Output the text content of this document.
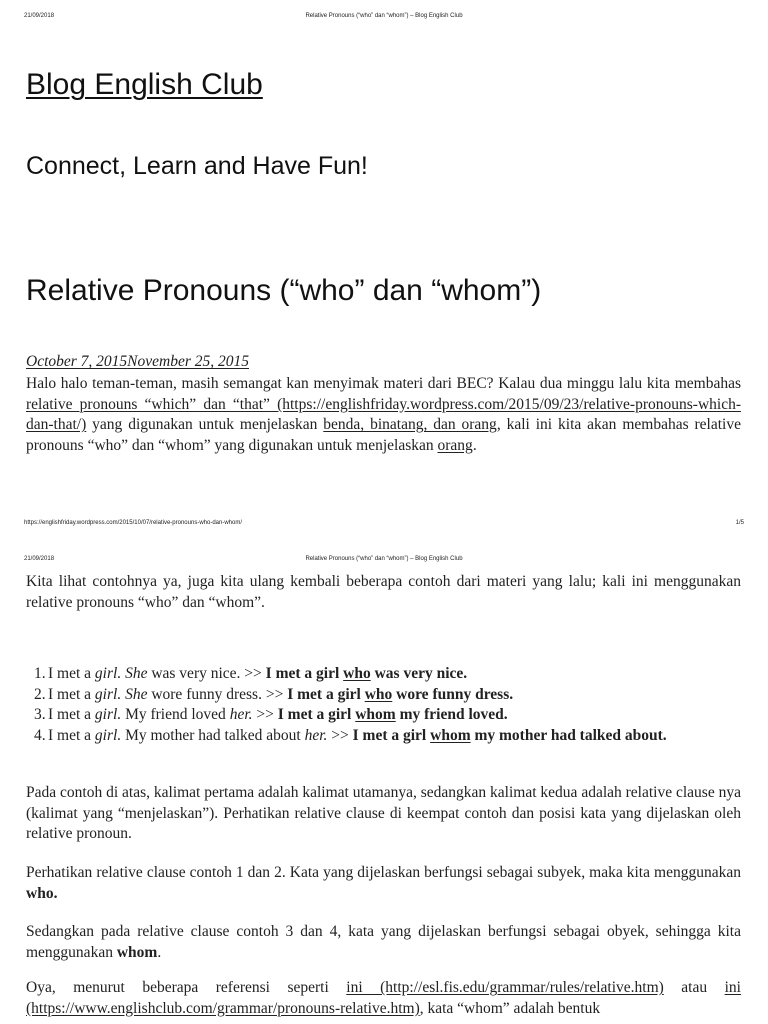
21/09/2018	Relative Pronouns (“who” dan “whom”) – Blog English Club
Blog English Club

Connect, Learn and Have Fun!

Relative Pronouns (“who” dan “whom”)
October 7, 2015November 25, 2015

Halo halo teman-teman, masih semangat kan menyimak materi dari BEC? Kalau dua minggu lalu kita membahas relative pronouns “which” dan “that” (https://englishfriday.wordpress.com/2015/09/23/relative-pronouns-which-dan-that/) yang digunakan untuk menjelaskan benda, binatang, dan orang, kali ini kita akan membahas relative pronouns “who” dan “whom” yang digunakan untuk menjelaskan orang.

https://englishfriday.wordpress.com/2015/10/07/relative-pronouns-who-dan-whom/	1/5
21/09/2018	Relative Pronouns (“who” dan “whom”) – Blog English Club

Kita lihat contohnya ya, juga kita ulang kembali beberapa contoh dari materi yang lalu; kali ini menggunakan relative pronouns “who” dan “whom”.

1. I met a girl. She was very nice. >> I met a girl who was very nice.
2. I met a girl. She wore funny dress. >> I met a girl who wore funny dress.
3. I met a girl. My friend loved her. >> I met a girl whom my friend loved.
4. I met a girl. My mother had talked about her. >> I met a girl whom my mother had talked about.

Pada contoh di atas, kalimat pertama adalah kalimat utamanya, sedangkan kalimat kedua adalah relative clause nya (kalimat yang “menjelaskan”). Perhatikan relative clause di keempat contoh dan posisi kata yang dijelaskan oleh relative pronoun.

Perhatikan relative clause contoh 1 dan 2. Kata yang dijelaskan berfungsi sebagai subyek, maka kita menggunakan who.

Sedangkan pada relative clause contoh 3 dan 4, kata yang dijelaskan berfungsi sebagai obyek, sehingga kita menggunakan whom.

Oya, menurut beberapa referensi seperti ini (http://esl.fis.edu/grammar/rules/relative.htm) atau ini (https://www.englishclub.com/grammar/pronouns-relative.htm), kata “whom” adalah bentuk
